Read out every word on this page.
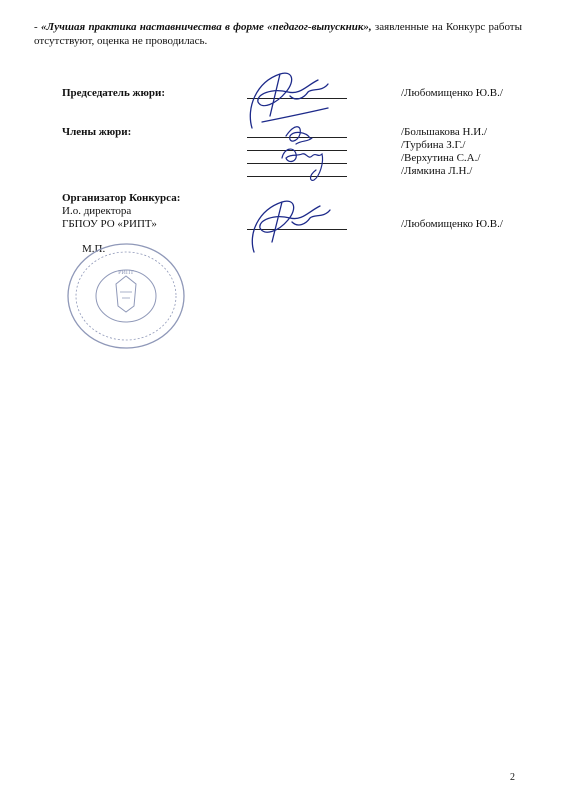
- «Лучшая практика наставничества в форме «педагог-выпускник», заявленные на Конкурс работы отсутствуют, оценка не проводилась.
Председатель жюри:	/Любомищенко Ю.В./
Члены жюри:	/Большакова Н.И./
/Турбина З.Г./
/Верхутина С.А./
/Лямкина Л.Н./
Организатор Конкурса:
И.о. директора
ГБПОУ РО «РИПТ»	/Любомищенко Ю.В./
М.П.
РИПТ
2
